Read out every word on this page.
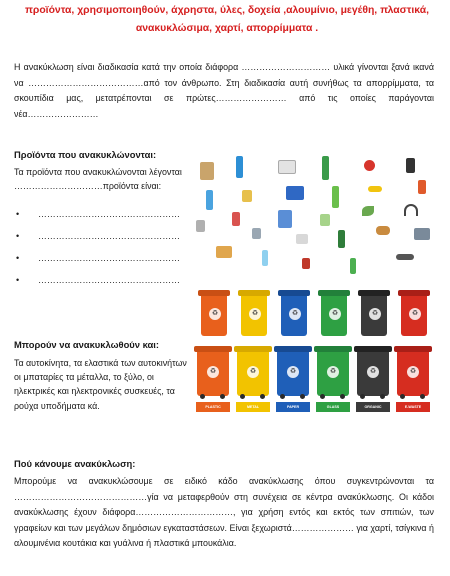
προϊόντα, χρησιμοποιηθούν, άχρηστα, ύλες, δοχεία ,αλουμίνιο, μεγέθη, πλαστικά, ανακυκλώσιμα, χαρτί, απορρίμματα .

Η ανακύκλωση είναι διαδικασία κατά την οποία διάφορα ………………………… υλικά γίνονται ξανά ικανά να …………………………………από τον άνθρωπο. Στη διαδικασία αυτή συνήθως τα απορρίμματα, τα σκουπίδια μας, μετατρέπονται σε πρώτες…………………… από τις οποίες παράγονται νέα……………………

Προϊόντα που ανακυκλώνονται:

Τα προϊόντα που ανακυκλώνονται λέγονται …………………………προϊόντα είναι:

• …………………………………………
• …………………………………………
• …………………………………………
• …………………………………………
Μπορούν να ανακυκλωθούν και:

Τα αυτοκίνητα, τα ελαστικά των αυτοκινήτων οι μπαταρίες τα μέταλλα, το ξύλο, οι ηλεκτρικές και ηλεκτρονικές συσκευές, τα ρούχα υποδήματα κά.

Πού κάνουμε ανακύκλωση:

Μπορούμε να ανακυκλώσουμε σε ειδικό κάδο ανακύκλωσης όπου συγκεντρώνονται τα ………………………………………γία να μεταφερθούν στη συνέχεια σε κέντρα ανακύκλωσης. Οι κάδοι ανακύκλωσης έχουν διάφορα……………………………, για χρήση εντός και εκτός των σπιτιών, των γραφείων και των μεγάλων δημόσιων εγκαταστάσεων. Είναι ξεχωριστά………………… για χαρτί, τσίγκινα ή αλουμινένια κουτάκια και γυάλινα ή πλαστικά μπουκάλια.

♻	♻	♻	♻	♻	♻
♻	♻	♻	♻	♻	♻
PLASTIC	METAL	PAPER	GLASS	ORGANIC	E-WASTE
